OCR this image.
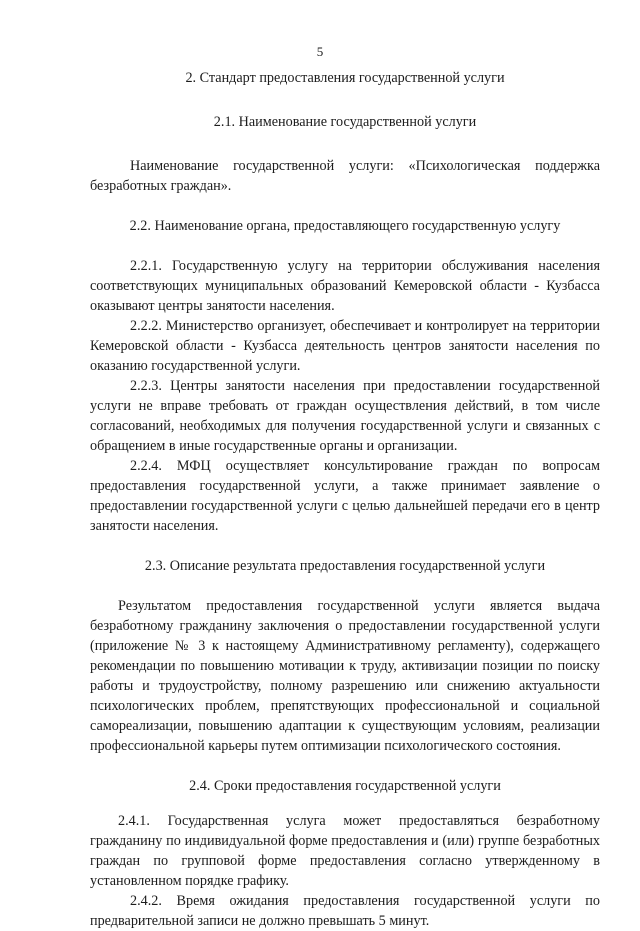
5

2. Стандарт предоставления государственной услуги

2.1. Наименование государственной услуги

Наименование государственной услуги: «Психологическая поддержка безработных граждан».

2.2. Наименование органа, предоставляющего государственную услугу

2.2.1. Государственную услугу на территории обслуживания населения соответствующих муниципальных образований Кемеровской области - Кузбасса оказывают центры занятости населения.

2.2.2. Министерство организует, обеспечивает и контролирует на территории Кемеровской области - Кузбасса деятельность центров занятости населения по оказанию государственной услуги.

2.2.3. Центры занятости населения при предоставлении государственной услуги не вправе требовать от граждан осуществления действий, в том числе согласований, необходимых для получения государственной услуги и связанных с обращением в иные государственные органы и организации.

2.2.4. МФЦ осуществляет консультирование граждан по вопросам предоставления государственной услуги, а также принимает заявление о предоставлении государственной услуги с целью дальнейшей передачи его в центр занятости населения.

2.3. Описание результата предоставления государственной услуги

Результатом предоставления государственной услуги является выдача безработному гражданину заключения о предоставлении государственной услуги (приложение № 3 к настоящему Административному регламенту), содержащего рекомендации по повышению мотивации к труду, активизации позиции по поиску работы и трудоустройству, полному разрешению или снижению актуальности психологических проблем, препятствующих профессиональной и социальной самореализации, повышению адаптации к существующим условиям, реализации профессиональной карьеры путем оптимизации психологического состояния.

2.4. Сроки предоставления государственной услуги

2.4.1. Государственная услуга может предоставляться безработному гражданину по индивидуальной форме предоставления и (или) группе безработных граждан по групповой форме предоставления согласно утвержденному в установленном порядке графику.

2.4.2. Время ожидания предоставления государственной услуги по предварительной записи не должно превышать 5 минут.
